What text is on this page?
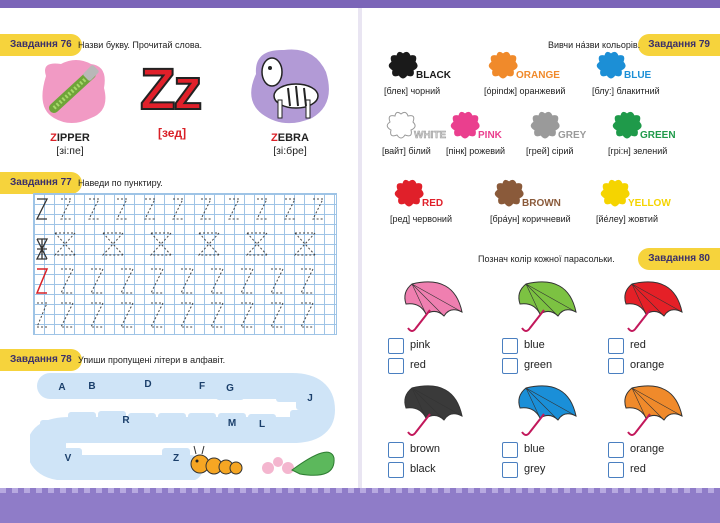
Завдання 76 Назви букву. Прочитай слова.
ZIPPER
[зі:пе]
Zz
[зед]	ZEBRA
[зі:бре]
Завдання 77 Наведи по пунктиру.
Завдання 78 Упиши пропущені літери в алфавіт.
A	B	D	F	G
J
L
M
R
V	Z
Завдання 79
Вивчи на́зви кольорів.
BLACK
[блек] чорний
ORANGE
[о́рindж] оранжевий
BLUE
[блу:] блакитний
WHITE
[вайт] білий
PINK
[пінк] рожевий
GREY
[грей] сірий
GREEN
[грі:н] зелений
RED
[ред] червоний
BROWN
[бра́ун] коричневий
YELLOW
[йе́леу] жовтий
Завдання 80
Познач колір кожної парасольки.
pink
red
blue
green
red
orange
brown
black
blue
grey
orange
red
